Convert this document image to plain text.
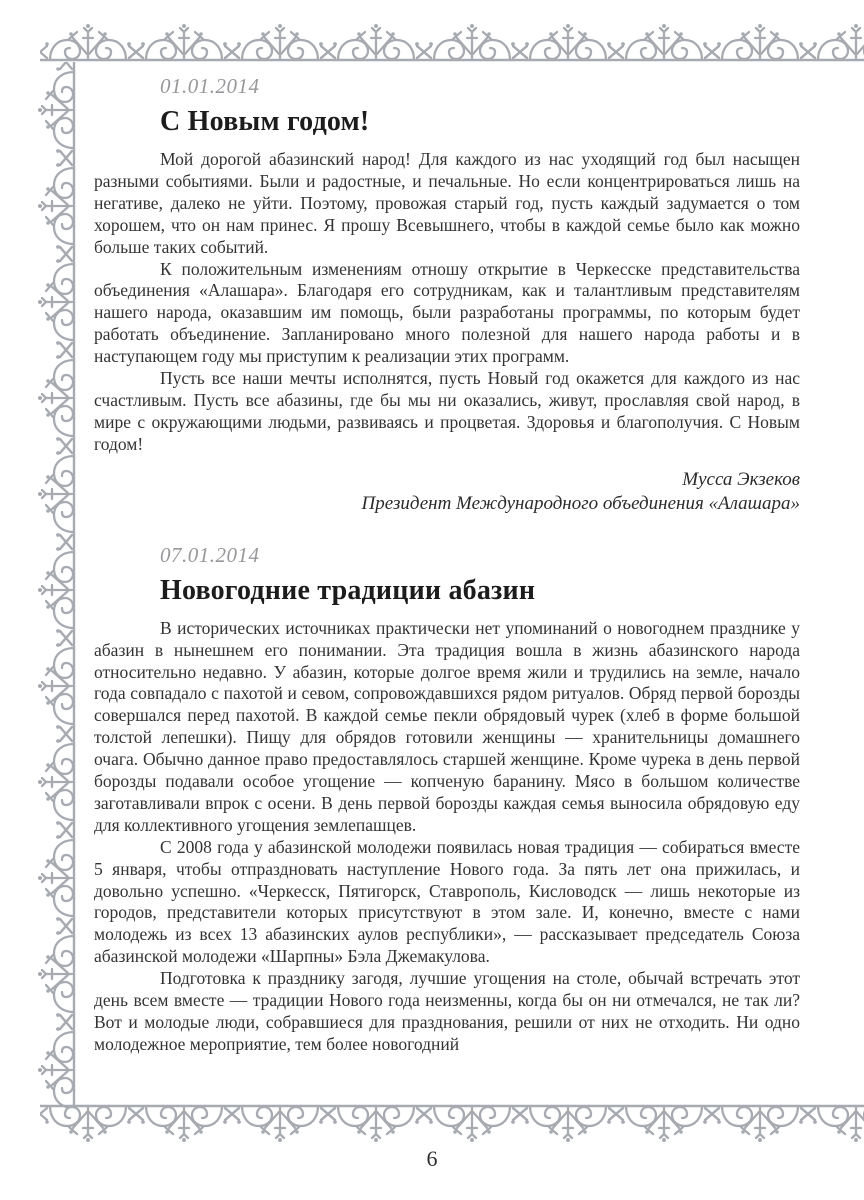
01.01.2014
С Новым годом!

Мой дорогой абазинский народ! Для каждого из нас уходящий год был насыщен разными событиями. Были и радостные, и печальные. Но если концентрироваться лишь на негативе, далеко не уйти. Поэтому, провожая старый год, пусть каждый задумается о том хорошем, что он нам принес. Я прошу Всевышнего, чтобы в каждой семье было как можно больше таких событий.

К положительным изменениям отношу открытие в Черкесске представительства объединения «Алашара». Благодаря его сотрудникам, как и талантливым представителям нашего народа, оказавшим им помощь, были разработаны программы, по которым будет работать объединение. Запланировано много полезной для нашего народа работы и в наступающем году мы приступим к реализации этих программ.

Пусть все наши мечты исполнятся, пусть Новый год окажется для каждого из нас счастливым. Пусть все абазины, где бы мы ни оказались, живут, прославляя свой народ, в мире с окружающими людьми, развиваясь и процветая. Здоровья и благополучия. С Новым годом!

Мусса Экзеков
Президент Международного объединения «Алашара»
07.01.2014
Новогодние традиции абазин

В исторических источниках практически нет упоминаний о новогоднем празднике у абазин в нынешнем его понимании. Эта традиция вошла в жизнь абазинского народа относительно недавно. У абазин, которые долгое время жили и трудились на земле, начало года совпадало с пахотой и севом, сопровождавшихся рядом ритуалов. Обряд первой борозды совершался перед пахотой. В каждой семье пекли обрядовый чурек (хлеб в форме большой толстой лепешки). Пищу для обрядов готовили женщины — хранительницы домашнего очага. Обычно данное право предоставлялось старшей женщине. Кроме чурека в день первой борозды подавали особое угощение — копченую баранину. Мясо в большом количестве заготавливали впрок с осени. В день первой борозды каждая семья выносила обрядовую еду для коллективного угощения землепашцев.

С 2008 года у абазинской молодежи появилась новая традиция — собираться вместе 5 января, чтобы отпраздновать наступление Нового года. За пять лет она прижилась, и довольно успешно. «Черкесск, Пятигорск, Ставрополь, Кисловодск — лишь некоторые из городов, представители которых присутствуют в этом зале. И, конечно, вместе с нами молодежь из всех 13 абазинских аулов республики», — рассказывает председатель Союза абазинской молодежи «Шарпны» Бэла Джемакулова.

Подготовка к празднику загодя, лучшие угощения на столе, обычай встречать этот день всем вместе — традиции Нового года неизменны, когда бы он ни отмечался, не так ли? Вот и молодые люди, собравшиеся для празднования, решили от них не отходить. Ни одно молодежное мероприятие, тем более новогодний

6
